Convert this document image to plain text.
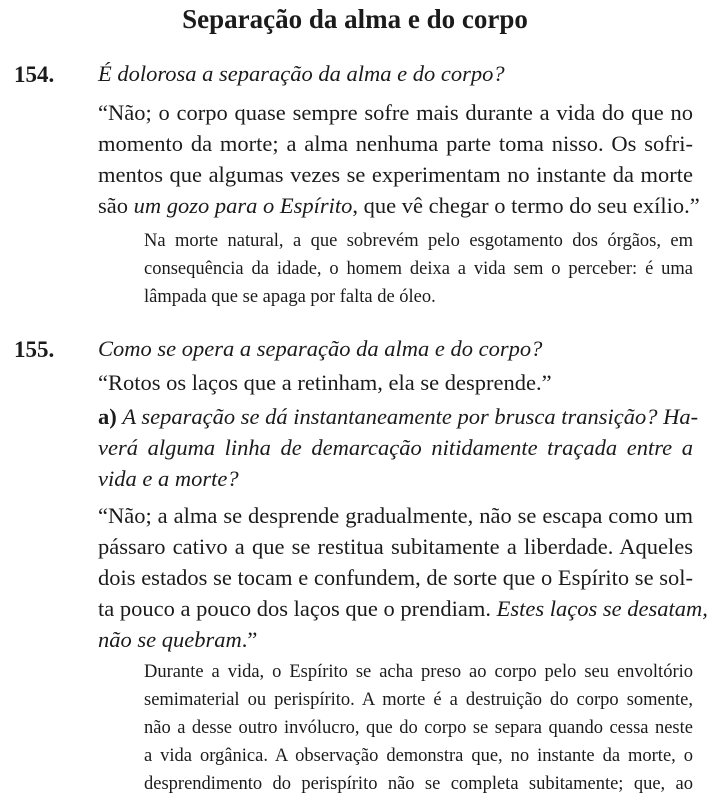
Separação da alma e do corpo
154. É dolorosa a separação da alma e do corpo?
“Não; o corpo quase sempre sofre mais durante a vida do que no
momento da morte; a alma nenhuma parte toma nisso. Os sofri-
mentos que algumas vezes se experimentam no instante da morte
são um gozo para o Espírito, que vê chegar o termo do seu exílio.”
Na morte natural, a que sobrevém pelo esgotamento dos órgãos, em
consequência da idade, o homem deixa a vida sem o perceber: é uma
lâmpada que se apaga por falta de óleo.
155. Como se opera a separação da alma e do corpo?
“Rotos os laços que a retinham, ela se desprende.”
a) A separação se dá instantaneamente por brusca transição? Ha-
verá alguma linha de demarcação nitidamente traçada entre a
vida e a morte?
“Não; a alma se desprende gradualmente, não se escapa como um
pássaro cativo a que se restitua subitamente a liberdade. Aqueles
dois estados se tocam e confundem, de sorte que o Espírito se sol-
ta pouco a pouco dos laços que o prendiam. Estes laços se desatam,
não se quebram.”
Durante a vida, o Espírito se acha preso ao corpo pelo seu envoltório
semimaterial ou perispírito. A morte é a destruição do corpo somente,
não a desse outro invólucro, que do corpo se separa quando cessa neste
a vida orgânica. A observação demonstra que, no instante da morte, o
desprendimento do perispírito não se completa subitamente; que, ao
